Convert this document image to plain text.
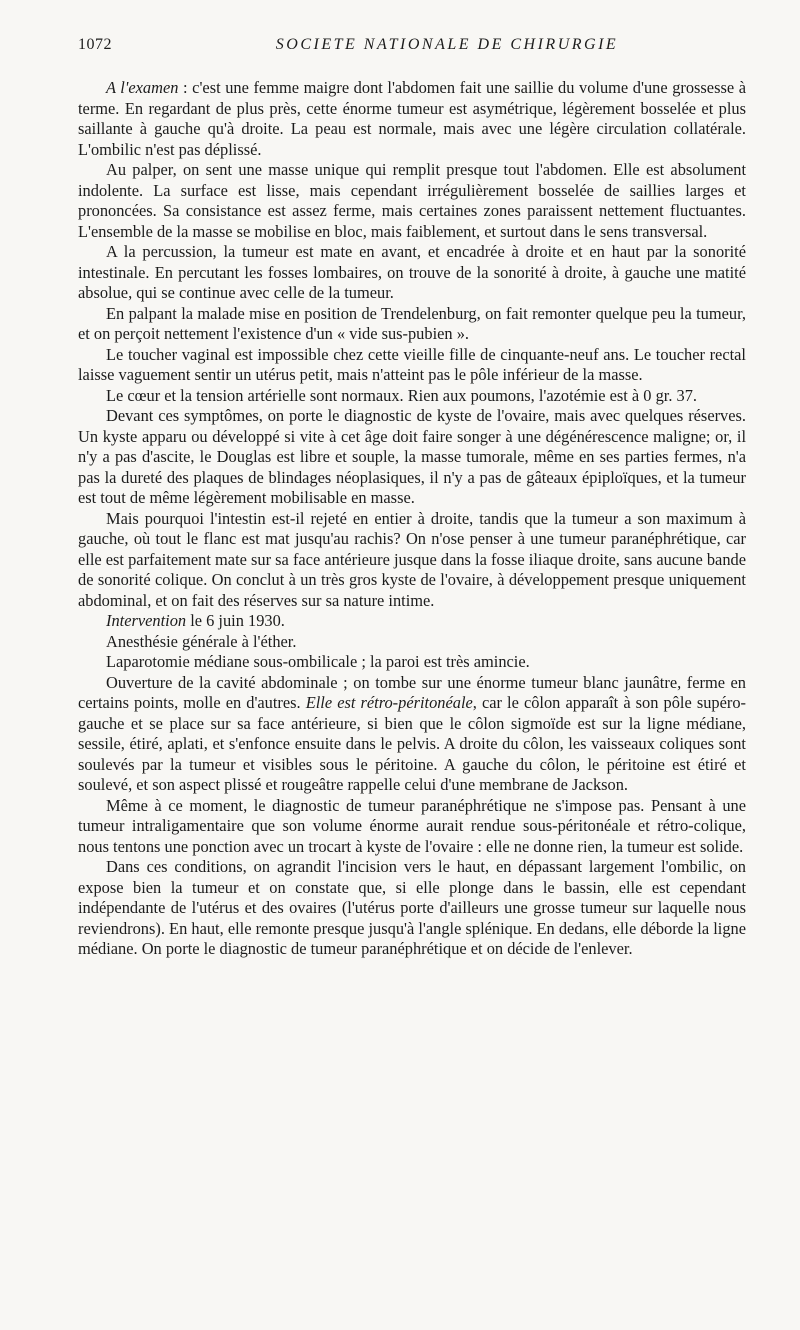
1072	SOCIETE NATIONALE DE CHIRURGIE

A l'examen : c'est une femme maigre dont l'abdomen fait une saillie du volume d'une grossesse à terme. En regardant de plus près, cette énorme tumeur est asymétrique, légèrement bosselée et plus saillante à gauche qu'à droite. La peau est normale, mais avec une légère circulation collatérale. L'ombilic n'est pas déplissé.

Au palper, on sent une masse unique qui remplit presque tout l'abdomen. Elle est absolument indolente. La surface est lisse, mais cependant irrégulièrement bosselée de saillies larges et prononcées. Sa consistance est assez ferme, mais certaines zones paraissent nettement fluctuantes. L'ensemble de la masse se mobilise en bloc, mais faiblement, et surtout dans le sens transversal.

A la percussion, la tumeur est mate en avant, et encadrée à droite et en haut par la sonorité intestinale. En percutant les fosses lombaires, on trouve de la sonorité à droite, à gauche une matité absolue, qui se continue avec celle de la tumeur.

En palpant la malade mise en position de Trendelenburg, on fait remonter quelque peu la tumeur, et on perçoit nettement l'existence d'un « vide sus-pubien ».

Le toucher vaginal est impossible chez cette vieille fille de cinquante-neuf ans. Le toucher rectal laisse vaguement sentir un utérus petit, mais n'atteint pas le pôle inférieur de la masse.

Le cœur et la tension artérielle sont normaux. Rien aux poumons, l'azotémie est à 0 gr. 37.

Devant ces symptômes, on porte le diagnostic de kyste de l'ovaire, mais avec quelques réserves. Un kyste apparu ou développé si vite à cet âge doit faire songer à une dégénérescence maligne; or, il n'y a pas d'ascite, le Douglas est libre et souple, la masse tumorale, même en ses parties fermes, n'a pas la dureté des plaques de blindages néoplasiques, il n'y a pas de gâteaux épiploïques, et la tumeur est tout de même légèrement mobilisable en masse.

Mais pourquoi l'intestin est-il rejeté en entier à droite, tandis que la tumeur a son maximum à gauche, où tout le flanc est mat jusqu'au rachis? On n'ose penser à une tumeur paranéphrétique, car elle est parfaitement mate sur sa face antérieure jusque dans la fosse iliaque droite, sans aucune bande de sonorité colique. On conclut à un très gros kyste de l'ovaire, à développement presque uniquement abdominal, et on fait des réserves sur sa nature intime.

Intervention le 6 juin 1930.

Anesthésie générale à l'éther.

Laparotomie médiane sous-ombilicale ; la paroi est très amincie.

Ouverture de la cavité abdominale ; on tombe sur une énorme tumeur blanc jaunâtre, ferme en certains points, molle en d'autres. Elle est rétro-péritonéale, car le côlon apparaît à son pôle supéro-gauche et se place sur sa face antérieure, si bien que le côlon sigmoïde est sur la ligne médiane, sessile, étiré, aplati, et s'enfonce ensuite dans le pelvis. A droite du côlon, les vaisseaux coliques sont soulevés par la tumeur et visibles sous le péritoine. A gauche du côlon, le péritoine est étiré et soulevé, et son aspect plissé et rougeâtre rappelle celui d'une membrane de Jackson.

Même à ce moment, le diagnostic de tumeur paranéphrétique ne s'impose pas. Pensant à une tumeur intraligamentaire que son volume énorme aurait rendue sous-péritonéale et rétro-colique, nous tentons une ponction avec un trocart à kyste de l'ovaire : elle ne donne rien, la tumeur est solide.

Dans ces conditions, on agrandit l'incision vers le haut, en dépassant largement l'ombilic, on expose bien la tumeur et on constate que, si elle plonge dans le bassin, elle est cependant indépendante de l'utérus et des ovaires (l'utérus porte d'ailleurs une grosse tumeur sur laquelle nous reviendrons). En haut, elle remonte presque jusqu'à l'angle splénique. En dedans, elle déborde la ligne médiane. On porte le diagnostic de tumeur paranéphrétique et on décide de l'enlever.
